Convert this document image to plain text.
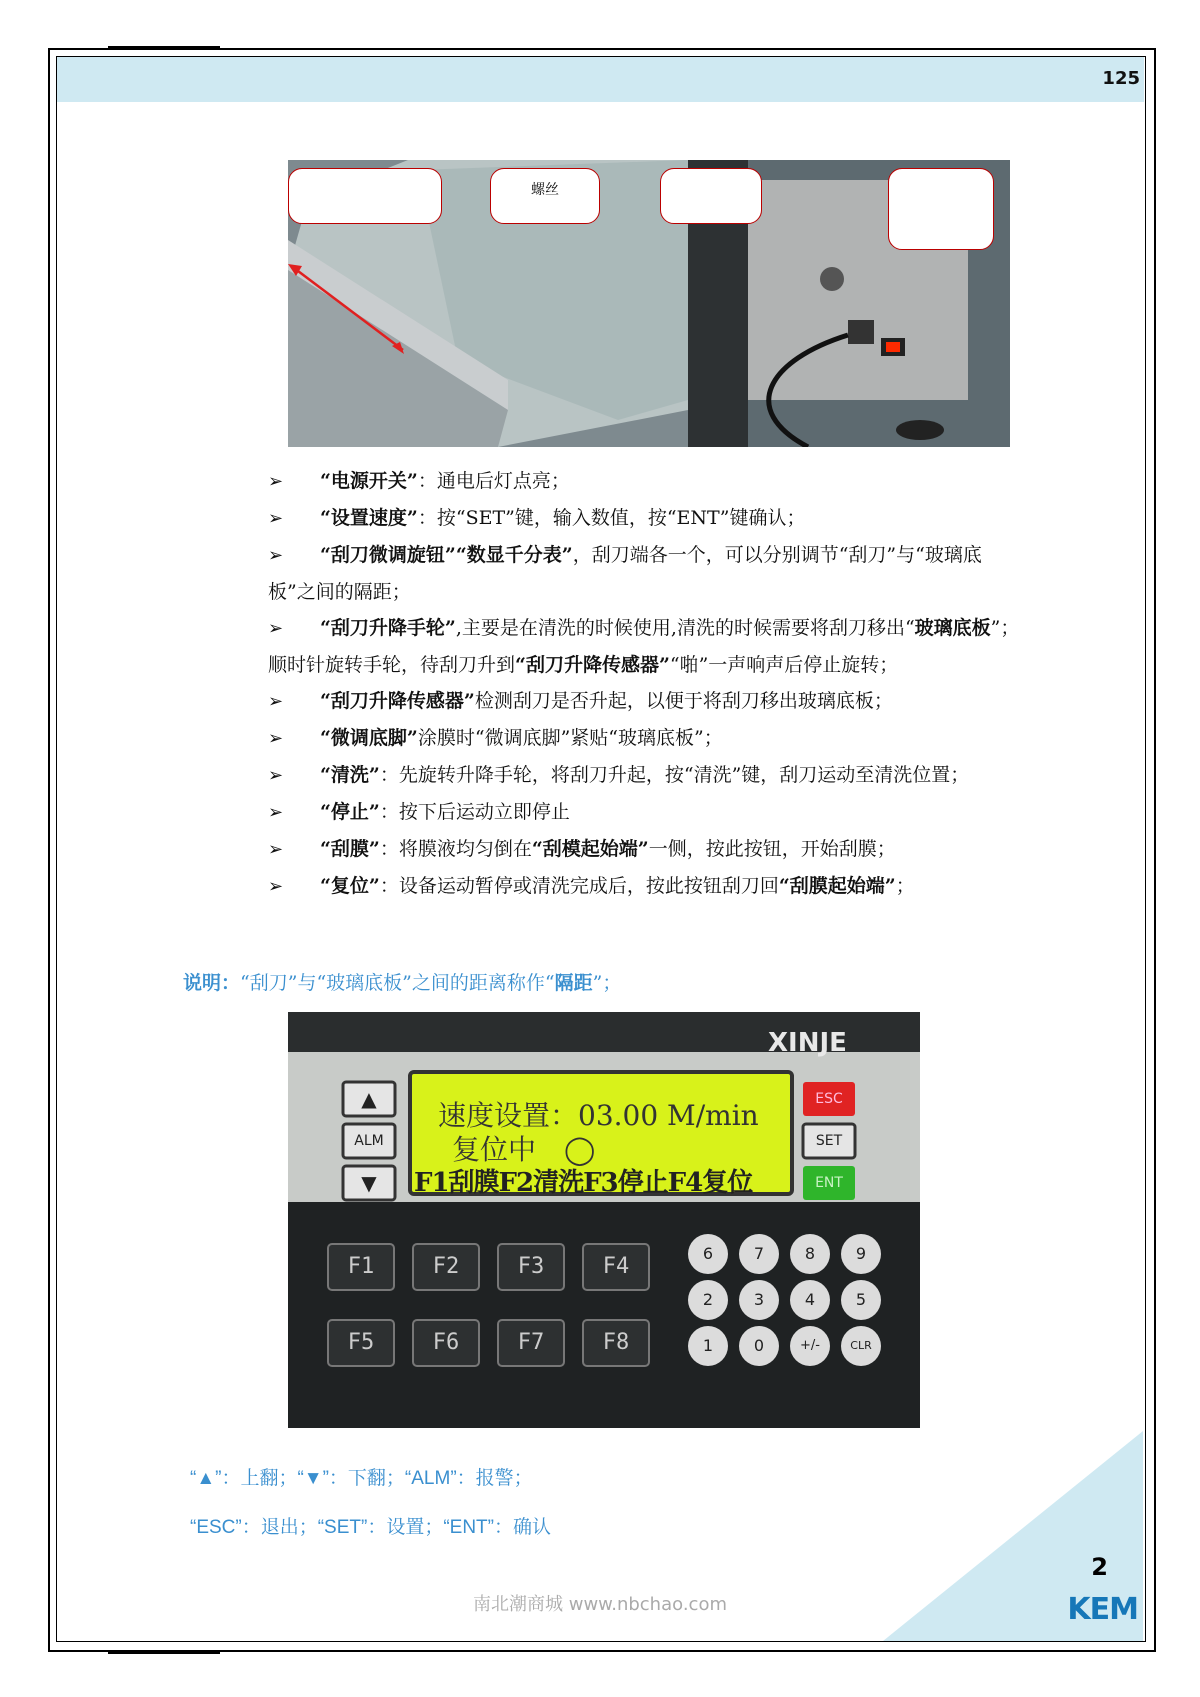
125
螺丝

➢ “电源开关”：通电后灯点亮；

➢ “设置速度”：按“SET”键，输入数值，按“ENT”键确认；

➢ “刮刀微调旋钮”“数显千分表”，刮刀端各一个，可以分别调节“刮刀”与“玻璃底板”之间的隔距；

➢ “刮刀升降手轮”,主要是在清洗的时候使用,清洗的时候需要将刮刀移出“玻璃底板”；顺时针旋转手轮，待刮刀升到“刮刀升降传感器”“啪”一声响声后停止旋转；

➢ “刮刀升降传感器”检测刮刀是否升起，以便于将刮刀移出玻璃底板；

➢ “微调底脚”涂膜时“微调底脚”紧贴“玻璃底板”；

➢ “清洗”：先旋转升降手轮，将刮刀升起，按“清洗”键，刮刀运动至清洗位置；

➢ “停止”：按下后运动立即停止

➢ “刮膜”：将膜液均匀倒在“刮模起始端”一侧，按此按钮，开始刮膜；

➢ “复位”：设备运动暂停或清洗完成后，按此按钮刮刀回“刮膜起始端”；

说明：“刮刀”与“玻璃底板”之间的距离称作“隔距”；
XINJE
速度设置：03.00 M/min
复位中　◯
F1刮膜F2清洗F3停止F4复位
▲
ALM
▼
ESC
SET
ENT
F1	F2	F3	F4
F5	F6	F7	F8
6	7	8	9
2	3	4	5
1	0	+/-	CLR
“▲”：上翻；“▼”：下翻；“ALM”：报警；
“ESC”：退出；“SET”：设置；“ENT”：确认
2
KEM
南北潮商城 www.nbchao.com
